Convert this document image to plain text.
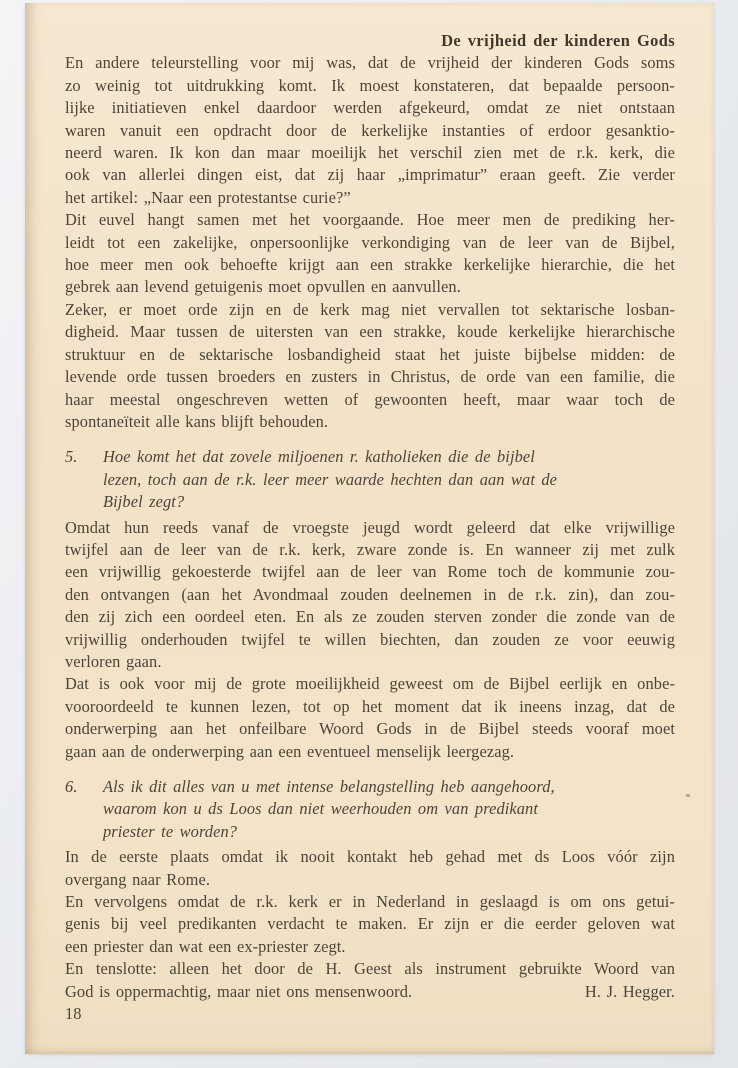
De vrijheid der kinderen Gods
En andere teleurstelling voor mij was, dat de vrijheid der kinderen Gods soms
zo weinig tot uitdrukking komt. Ik moest konstateren, dat bepaalde persoon-
lijke initiatieven enkel daardoor werden afgekeurd, omdat ze niet ontstaan
waren vanuit een opdracht door de kerkelijke instanties of erdoor gesanktio-
neerd waren. Ik kon dan maar moeilijk het verschil zien met de r.k. kerk, die
ook van allerlei dingen eist, dat zij haar „imprimatur” eraan geeft. Zie verder
het artikel: „Naar een protestantse curie?”
Dit euvel hangt samen met het voorgaande. Hoe meer men de prediking her-
leidt tot een zakelijke, onpersoonlijke verkondiging van de leer van de Bijbel,
hoe meer men ook behoefte krijgt aan een strakke kerkelijke hierarchie, die het
gebrek aan levend getuigenis moet opvullen en aanvullen.
Zeker, er moet orde zijn en de kerk mag niet vervallen tot sektarische losban-
digheid. Maar tussen de uitersten van een strakke, koude kerkelijke hierarchische
struktuur en de sektarische losbandigheid staat het juiste bijbelse midden: de
levende orde tussen broeders en zusters in Christus, de orde van een familie, die
haar meestal ongeschreven wetten of gewoonten heeft, maar waar toch de
spontaneïteit alle kans blijft behouden.
5. Hoe komt het dat zovele miljoenen r. katholieken die de bijbel
lezen, toch aan de r.k. leer meer waarde hechten dan aan wat de
Bijbel zegt?
Omdat hun reeds vanaf de vroegste jeugd wordt geleerd dat elke vrijwillige
twijfel aan de leer van de r.k. kerk, zware zonde is. En wanneer zij met zulk
een vrijwillig gekoesterde twijfel aan de leer van Rome toch de kommunie zou-
den ontvangen (aan het Avondmaal zouden deelnemen in de r.k. zin), dan zou-
den zij zich een oordeel eten. En als ze zouden sterven zonder die zonde van de
vrijwillig onderhouden twijfel te willen biechten, dan zouden ze voor eeuwig
verloren gaan.
Dat is ook voor mij de grote moeilijkheid geweest om de Bijbel eerlijk en onbe-
vooroordeeld te kunnen lezen, tot op het moment dat ik ineens inzag, dat de
onderwerping aan het onfeilbare Woord Gods in de Bijbel steeds vooraf moet
gaan aan de onderwerping aan een eventueel menselijk leergezag.
6. Als ik dit alles van u met intense belangstelling heb aangehoord,
waarom kon u ds Loos dan niet weerhouden om van predikant
priester te worden?
In de eerste plaats omdat ik nooit kontakt heb gehad met ds Loos vóór zijn
overgang naar Rome.
En vervolgens omdat de r.k. kerk er in Nederland in geslaagd is om ons getui-
genis bij veel predikanten verdacht te maken. Er zijn er die eerder geloven wat
een priester dan wat een ex-priester zegt.
En tenslotte: alleen het door de H. Geest als instrument gebruikte Woord van
God is oppermachtig, maar niet ons mensenwoord.	H. J. Hegger.
18
